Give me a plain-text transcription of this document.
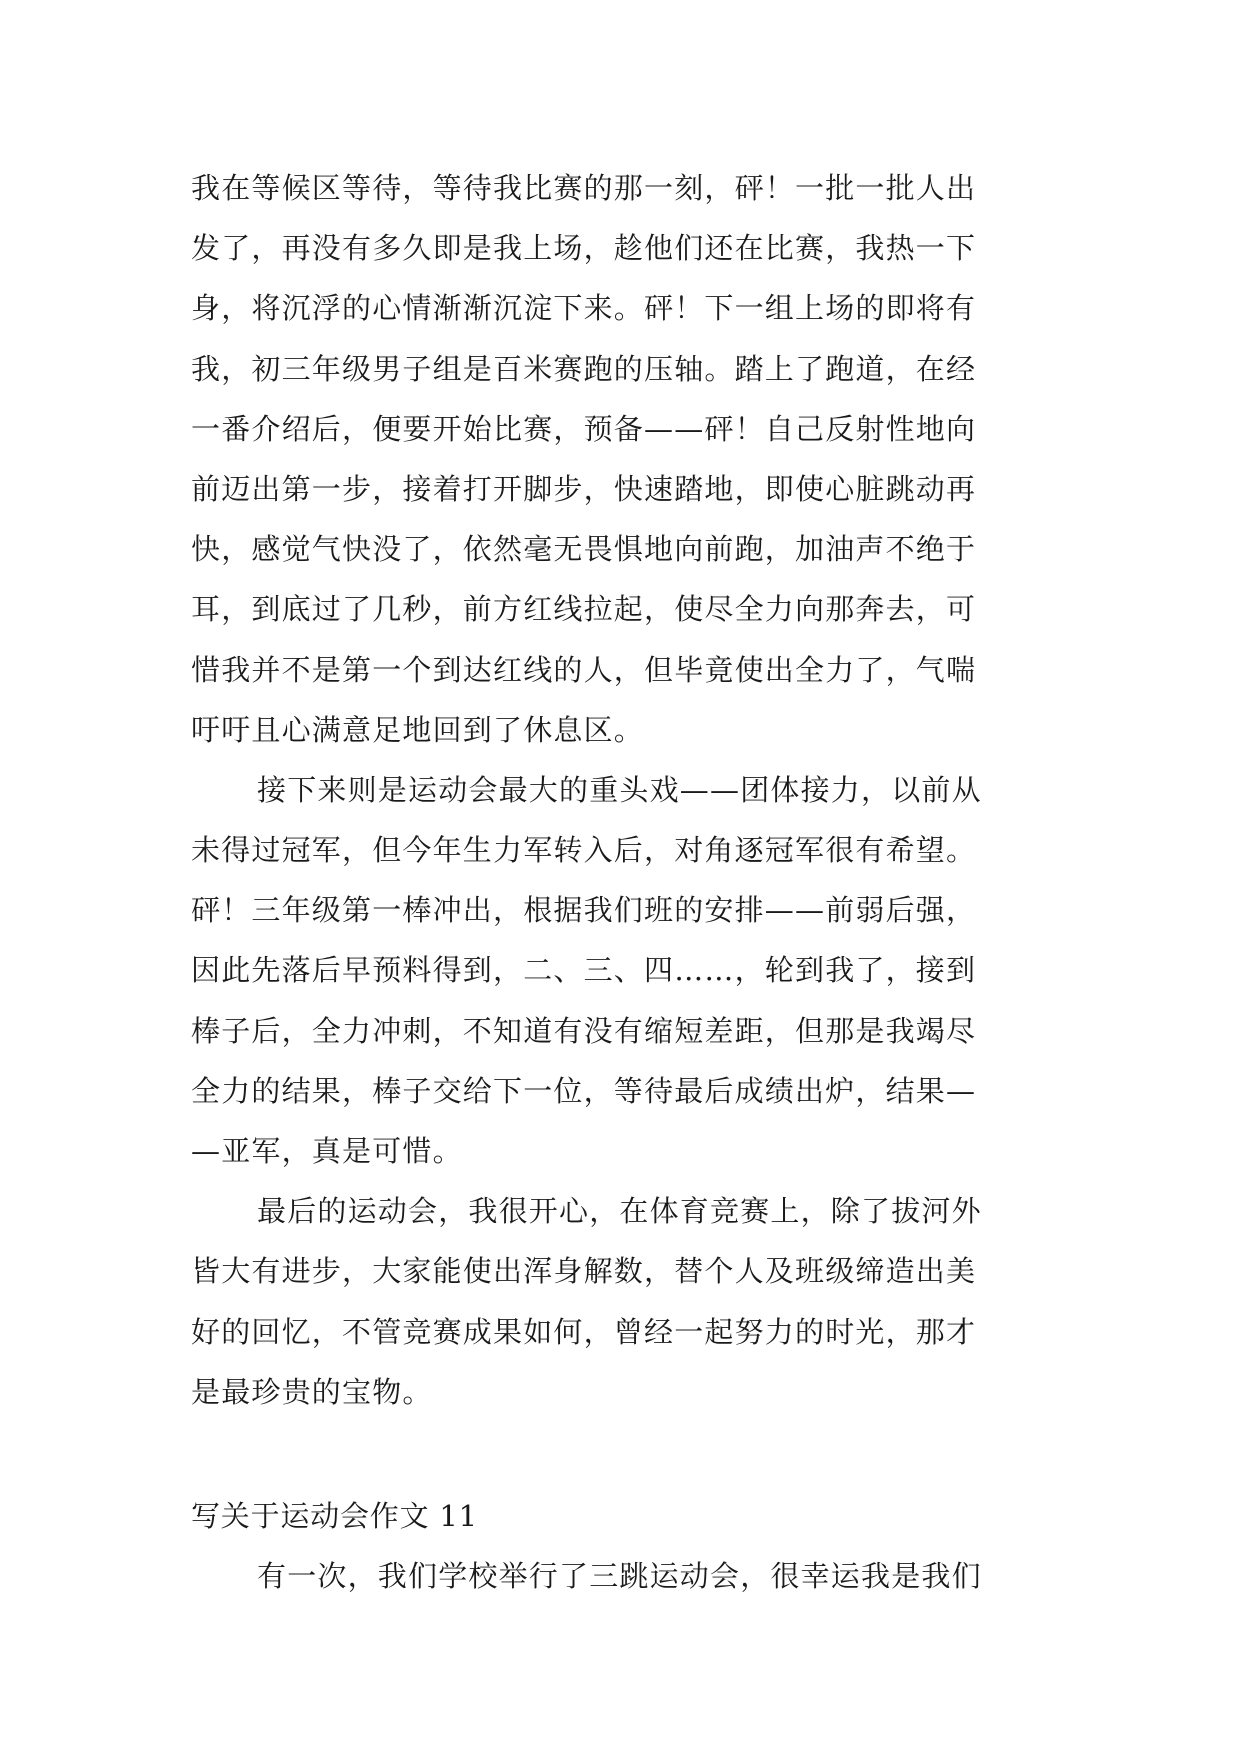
我在等候区等待，等待我比赛的那一刻，砰！一批一批人出
发了，再没有多久即是我上场，趁他们还在比赛，我热一下
身，将沉浮的心情渐渐沉淀下来。砰！下一组上场的即将有
我，初三年级男子组是百米赛跑的压轴。踏上了跑道，在经
一番介绍后，便要开始比赛，预备——砰！自己反射性地向
前迈出第一步，接着打开脚步，快速踏地，即使心脏跳动再
快，感觉气快没了，依然毫无畏惧地向前跑，加油声不绝于
耳，到底过了几秒，前方红线拉起，使尽全力向那奔去，可
惜我并不是第一个到达红线的人，但毕竟使出全力了，气喘
吁吁且心满意足地回到了休息区。
接下来则是运动会最大的重头戏——团体接力，以前从
未得过冠军，但今年生力军转入后，对角逐冠军很有希望。
砰！三年级第一棒冲出，根据我们班的安排——前弱后强，
因此先落后早预料得到，二、三、四……，轮到我了，接到
棒子后，全力冲刺，不知道有没有缩短差距，但那是我竭尽
全力的结果，棒子交给下一位，等待最后成绩出炉，结果—
—亚军，真是可惜。
最后的运动会，我很开心，在体育竞赛上，除了拔河外
皆大有进步，大家能使出浑身解数，替个人及班级缔造出美
好的回忆，不管竞赛成果如何，曾经一起努力的时光，那才
是最珍贵的宝物。
写关于运动会作文 11
有一次，我们学校举行了三跳运动会，很幸运我是我们
